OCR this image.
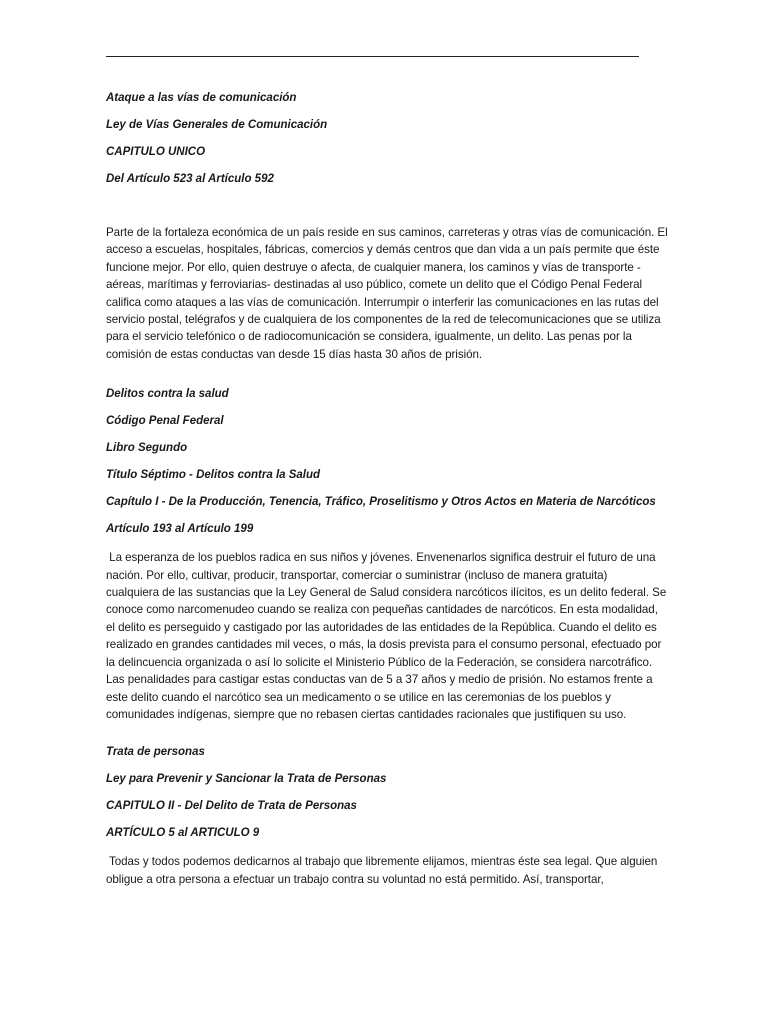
Ataque a las vías de comunicación
Ley de Vías Generales de Comunicación
CAPITULO UNICO
Del Artículo 523 al Artículo 592

Parte de la fortaleza económica de un país reside en sus caminos, carreteras y otras vías de comunicación. El
acceso a escuelas, hospitales, fábricas, comercios y demás centros que dan vida a un país permite que éste
funcione mejor. Por ello, quien destruye o afecta, de cualquier manera, los caminos y vías de transporte -
aéreas, marítimas y ferroviarias- destinadas al uso público, comete un delito que el Código Penal Federal
califica como ataques a las vías de comunicación. Interrumpir o interferir las comunicaciones en las rutas del
servicio postal, telégrafos y de cualquiera de los componentes de la red de telecomunicaciones que se utiliza
para el servicio telefónico o de radiocomunicación se considera, igualmente, un delito. Las penas por la
comisión de estas conductas van desde 15 días hasta 30 años de prisión.

Delitos contra la salud
Código Penal Federal
Libro Segundo
Título Séptimo - Delitos contra la Salud
Capítulo I - De la Producción, Tenencia, Tráfico, Proselitismo y Otros Actos en Materia de Narcóticos
Artículo 193 al Artículo 199

La esperanza de los pueblos radica en sus niños y jóvenes. Envenenarlos significa destruir el futuro de una
nación. Por ello, cultivar, producir, transportar, comerciar o suministrar (incluso de manera gratuita)
cualquiera de las sustancias que la Ley General de Salud considera narcóticos ilícitos, es un delito federal. Se
conoce como narcomenudeo cuando se realiza con pequeñas cantidades de narcóticos. En esta modalidad,
el delito es perseguido y castigado por las autoridades de las entidades de la República. Cuando el delito es
realizado en grandes cantidades mil veces, o más, la dosis prevista para el consumo personal, efectuado por
la delincuencia organizada o así lo solicite el Ministerio Público de la Federación, se considera narcotráfico.
Las penalidades para castigar estas conductas van de 5 a 37 años y medio de prisión. No estamos frente a
este delito cuando el narcótico sea un medicamento o se utilice en las ceremonias de los pueblos y
comunidades indígenas, siempre que no rebasen ciertas cantidades racionales que justifiquen su uso.

Trata de personas
Ley para Prevenir y Sancionar la Trata de Personas
CAPITULO II - Del Delito de Trata de Personas
ARTÍCULO 5 al ARTICULO 9

Todas y todos podemos dedicarnos al trabajo que libremente elijamos, mientras éste sea legal. Que alguien
obligue a otra persona a efectuar un trabajo contra su voluntad no está permitido. Así, transportar,
